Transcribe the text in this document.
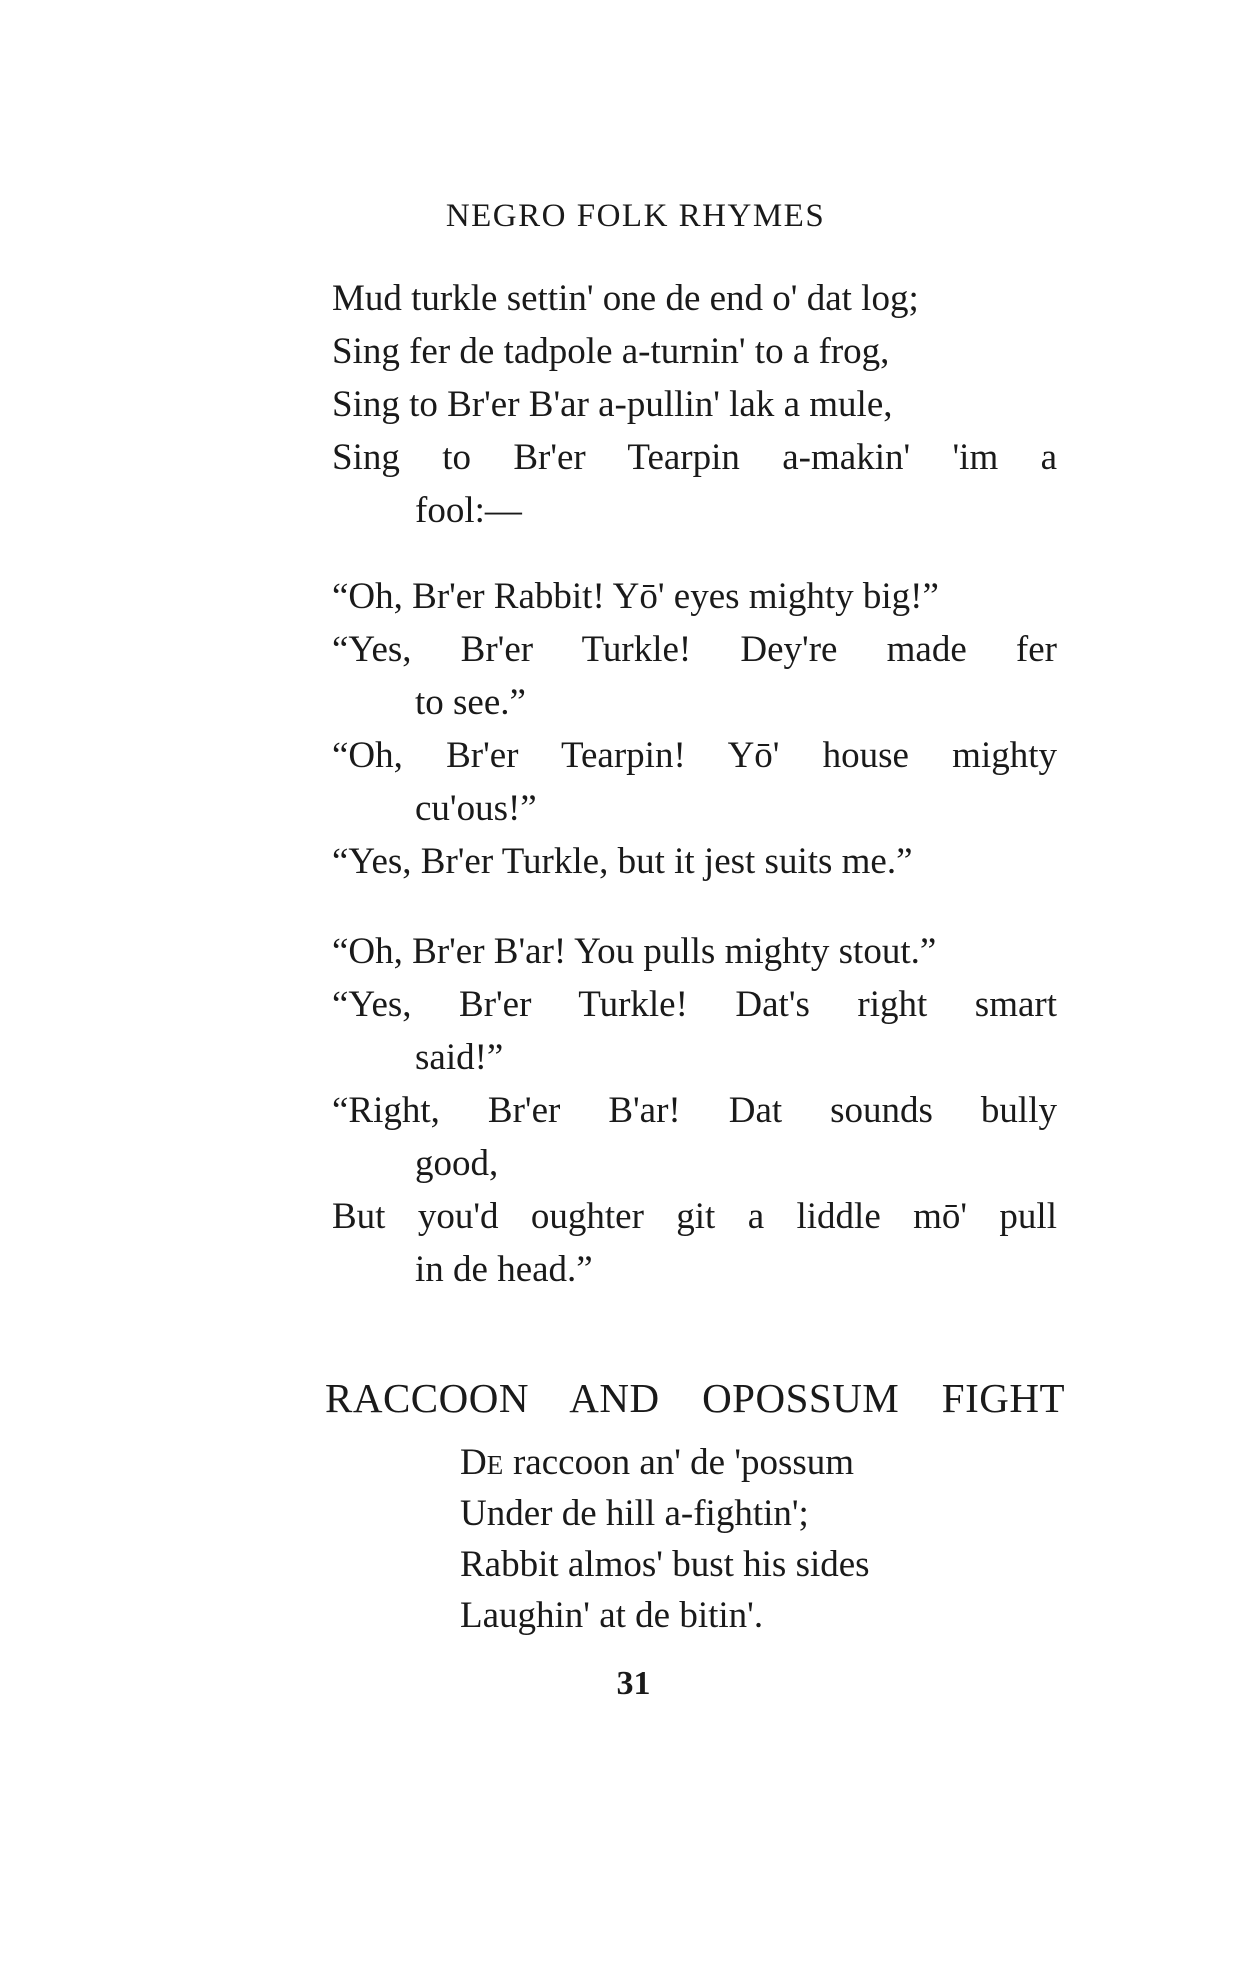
NEGRO FOLK RHYMES
Mud turkle settin' one de end o' dat log;
Sing fer de tadpole a-turnin' to a frog,
Sing to Br'er B'ar a-pullin' lak a mule,
Sing to Br'er Tearpin a-makin' 'im a
fool:—
“Oh, Br'er Rabbit! Yō' eyes mighty big!”
“Yes, Br'er Turkle! Dey're made fer
to see.”
“Oh, Br'er Tearpin! Yō' house mighty
cu'ous!”
“Yes, Br'er Turkle, but it jest suits me.”
“Oh, Br'er B'ar! You pulls mighty stout.”
“Yes, Br'er Turkle! Dat's right smart
said!”
“Right, Br'er B'ar! Dat sounds bully
good,
But you'd oughter git a liddle mō' pull
in de head.”
RACCOON AND OPOSSUM FIGHT
DE raccoon an' de 'possum
Under de hill a-fightin';
Rabbit almos' bust his sides
Laughin' at de bitin'.
31
